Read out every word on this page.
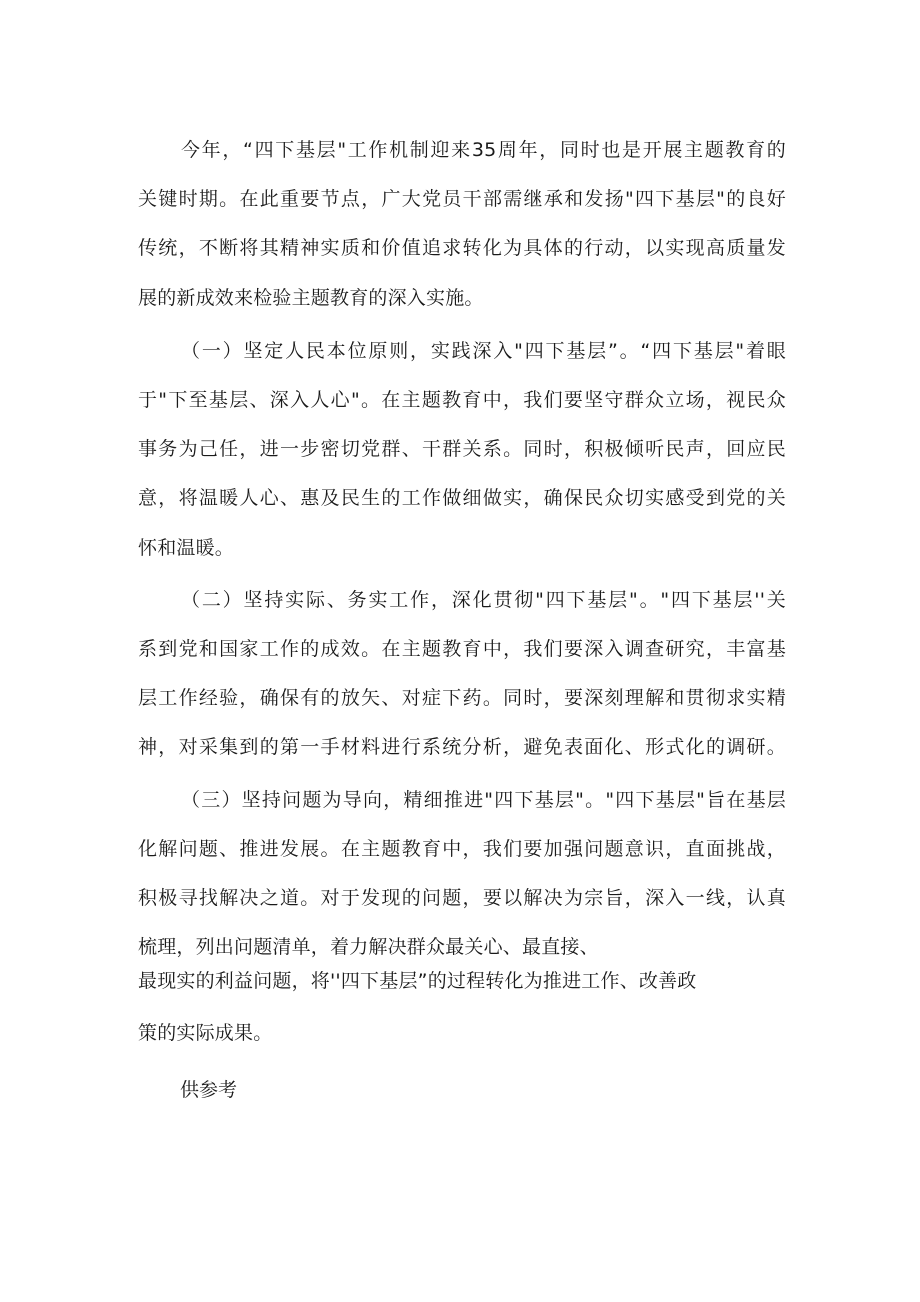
今年，“四下基层"工作机制迎来35周年，同时也是开展主题教育的
关键时期。在此重要节点，广大党员干部需继承和发扬"四下基层"的良好
传统，不断将其精神实质和价值追求转化为具体的行动，以实现高质量发
展的新成效来检验主题教育的深入实施。
（一）坚定人民本位原则，实践深入"四下基层”。“四下基层"着眼
于"下至基层、深入人心"。在主题教育中，我们要坚守群众立场，视民众
事务为己任，进一步密切党群、干群关系。同时，积极倾听民声，回应民
意，将温暖人心、惠及民生的工作做细做实，确保民众切实感受到党的关
怀和温暖。
（二）坚持实际、务实工作，深化贯彻"四下基层"。"四下基层''关
系到党和国家工作的成效。在主题教育中，我们要深入调查研究，丰富基
层工作经验，确保有的放矢、对症下药。同时，要深刻理解和贯彻求实精
神，对采集到的第一手材料进行系统分析，避免表面化、形式化的调研。
（三）坚持问题为导向，精细推进"四下基层"。"四下基层"旨在基层
化解问题、推进发展。在主题教育中，我们要加强问题意识，直面挑战，
积极寻找解决之道。对于发现的问题，要以解决为宗旨，深入一线，认真
梳理，列出问题清单，着力解决群众最关心、最直接、
最现实的利益问题，将''四下基层”的过程转化为推进工作、改善政
策的实际成果。
供参考
